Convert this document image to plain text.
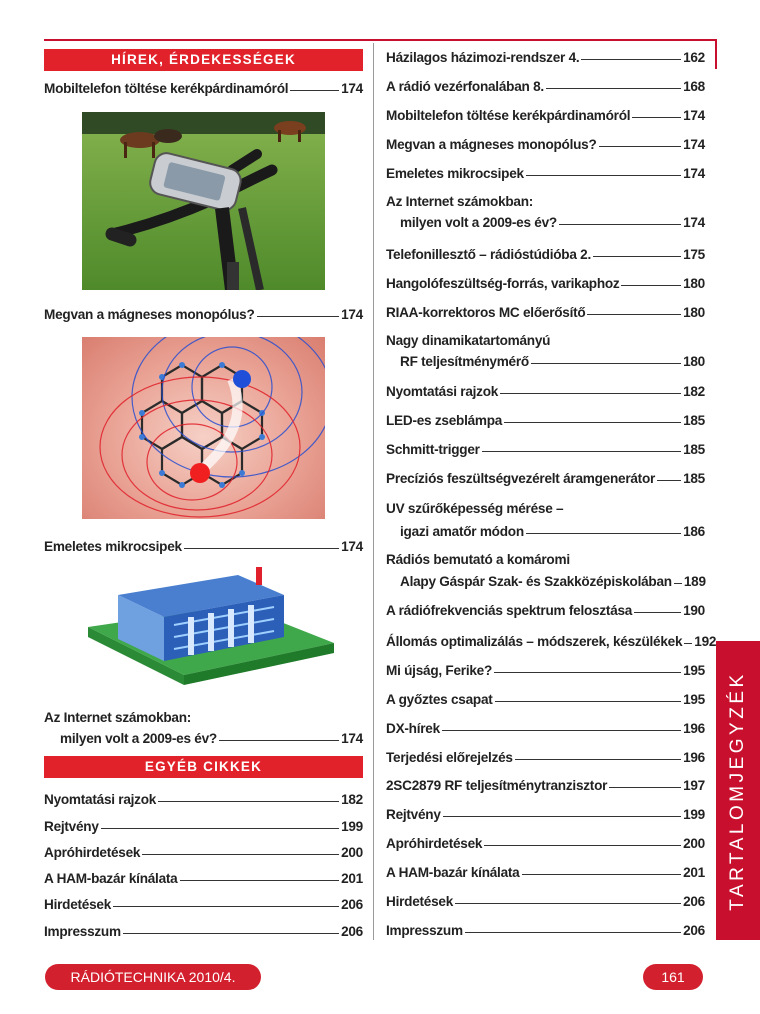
HÍREK, ÉRDEKESSÉGEK
Mobiltelefon töltése kerékpárdinamóról	174
Megvan a mágneses monopólus?	174
Emeletes mikrocsipek	174
Az Internet számokban:
milyen volt a 2009-es év?	174
EGYÉB CIKKEK
Nyomtatási rajzok	182
Rejtvény	199
Apróhirdetések	200
A HAM-bazár kínálata	201
Hirdetések	206
Impresszum	206
Házilagos házimozi-rendszer 4.	162
A rádió vezérfonalában 8.	168
Mobiltelefon töltése kerékpárdinamóról	174
Megvan a mágneses monopólus?	174
Emeletes mikrocsipek	174
Az Internet számokban:
milyen volt a 2009-es év?	174
Telefonillesztő – rádióstúdióba 2.	175
Hangolófeszültség-forrás, varikaphoz	180
RIAA-korrektoros MC előerősítő	180
Nagy dinamikatartományú
RF teljesítménymérő	180
Nyomtatási rajzok	182
LED-es zseblámpa	185
Schmitt-trigger	185
Precíziós feszültségvezérelt áramgenerátor 185
UV szűrőképesség mérése –
igazi amatőr módon	186
Rádiós bemutató a komáromi
Alapy Gáspár Szak- és Szakközépiskolában 189
A rádiófrekvenciás spektrum felosztása	190
Állomás optimalizálás – módszerek, készülékek 192
Mi újság, Ferike?	195
A győztes csapat	195
DX-hírek	196
Terjedési előrejelzés	196
2SC2879 RF teljesítménytranzisztor	197
Rejtvény	199
Apróhirdetések	200
A HAM-bazár kínálata	201
Hirdetések	206
Impresszum	206
TARTALOMJEGYZÉK
RÁDIÓTECHNIKA 2010/4.	161
